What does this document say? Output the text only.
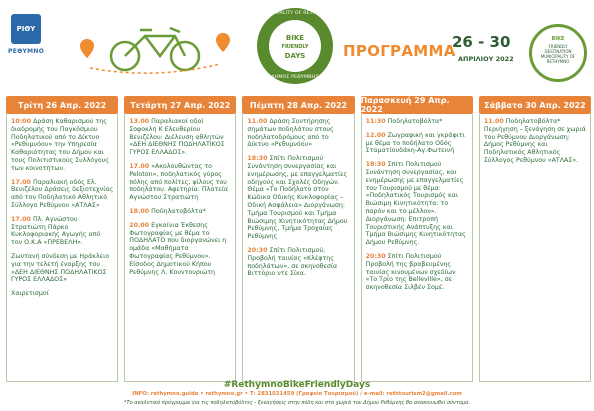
ΡΙΘΥ
ΡΕΘΥΜΝΟ
MUNICIPALITY OF RETHYMNO
BIKE
FRIENDLY
DAYS
ΔΗΜΟΣ ΡΕΘΥΜΝΗΣ
ΠΡΟΓΡΑΜΜΑ
26 - 30
ΑΠΡΙΛΙΟΥ 2022
BIKE
FRIENDLY
DESTINATION
MUNICIPALITY OF RETHYMNO
Τρίτη 26 Απρ. 2022
10:00 Δράση Καθαρισμού της διαδρομής του Παγκόσμιου Ποδηλατικού από το Δίκτυο «Ρεθυμνόου» την Υπηρεσία Καθαριότητας του Δήμου και τους Πολιτιστικούς Συλλόγους των κοινοτήτων.
17.00 Παραλιακή οδός Ελ. Βενιζέλου Δράσεις δεξιοτεχνίας από τον Ποδηλατικό Αθλητικό Σύλλογο Ρεθύμνου «ΑΤΛΑΣ»
17.00 Πλ. Αγνώστου Στρατιώτη Πάρκο Κυκλοφοριακής Αγωγής από τον Ο.Κ.Α «ΠΡΕΒΕΛΗ».
Ζωντανή σύνδεση με Ηράκλειο για την τελετή έναρξης του «ΔΕΗ ΔΙΕΘΝΗΣ ΠΟΔΗΛΑΤΙΚΟΣ ΓΥΡΟΣ ΕΛΛΑΔΟΣ»
Χαιρετισμοί
Τετάρτη 27 Απρ. 2022
13.00 Παραλιακοί οδοί Σοφοκλή Κ Ελευθερίου Βενιζέλου: Διέλευση αθλητών «ΔΕΗ ΔΙΕΘΝΗΣ ΠΟΔΗΛΑΤΙΚΟΣ ΓΥΡΟΣ ΕΛΛΑΔΟΣ».
17.00 «Ακολουθώντας το Peloton», ποδηλατικός γύρος πόλης από πολίτες, φίλους του ποδηλάτου. Αφετηρία: Πλατεία Αγνώστου Στρατιώτη
18.00 Ποδηλατοβόλτα*
20.00 Εγκαίνια Έκθεσης Φωτογραφίας με θέμα το ΠΟΔΗΛΑΤΟ που διοργανώνει η ομάδα «Μαθήματα Φωτογραφίας Ρεθύμνου». Είσοδος Δημοτικού Κήπου Ρεθύμνης Λ. Κουντουριώτη
Πέμπτη 28 Απρ. 2022
11.00 Δράση Συντήρησης σημάτων ποδηλάτου στους ποδηλατοδρόμους από το Δίκτυο «Ρεθυμνόου»
18:30 Σπίτι Πολιτισμού Συνάντηση συνεργασίας και ενημέρωσης, με επαγγελματίες οδηγούς και Σχολές Οδηγών. Θέμα «Το Ποδήλατο στον Κώδικα Οδικής Κυκλοφορίας – Οδική Ασφάλεια» Διοργάνωση: Τμήμα Τουρισμού και Τμήμα Βιώσιμης Κινητικότητας Δήμου Ρεθύμνης, Τμήμα Τροχαίας Ρεθύμνης
20:30 Σπίτι Πολιτισμού, Προβολή ταινίας «Κλέφτης ποδηλάτων», σε σκηνοθεσία Βιττόριο ντε Σίκα.
Παρασκευή 29 Απρ. 2022
11:30 Ποδηλατοβόλτα*
12.00 Ζωγραφική και γκράφιτι με θέμα το ποδήλατο Οδός Σταματίουδάκη-Αγ.Φωτεινή
18:30 Σπίτι Πολιτισμού Συνάντηση συνεργασίας, και ενημέρωσης με επαγγελματίες του Τουρισμού με θέμα: «Ποδηλατικός Τουρισμός και Βιώσιμη Κινητικότητα: το παρόν και το μέλλον». Διοργάνωση: Επιτροπή Τουριστικής Ανάπτυξης και Τμήμα Βιώσιμης Κινητικότητας Δήμου Ρεθύμνης.
20:30 Σπίτι Πολιτισμού Προβολή της βραβευμένης ταινίας κινουμένων σχεδίων «Το Τρίο της Belleville», σε σκηνοθεσία Σιλβέν Σομέ.
Σάββατο 30 Απρ. 2022
11.00 Ποδηλατοβόλτα* Περιήγηση – ξενάγηση σε χωριά του Ρεθύμνου Διοργάνωση: Δήμος Ρεθύμνης και Ποδηλατικός Αθλητικός Σύλλογος Ρεθύμνου «ΑΤΛΑΣ».
#RethymnoBikeFriendlyDays
INFO: rethymno.guide • rethymno.gr • Τ: 2831021459 (Γραφείο Τουρισμού) / e-mail: rethtourism2@gmail.com
*Το αναλυτικό πρόγραμμα για τις ποδηλατοβόλτες - ξεναγήσεις στην πόλη και στα χωριά του Δήμου Ρεθύμνης θα ανακοινωθεί σύντομα.
